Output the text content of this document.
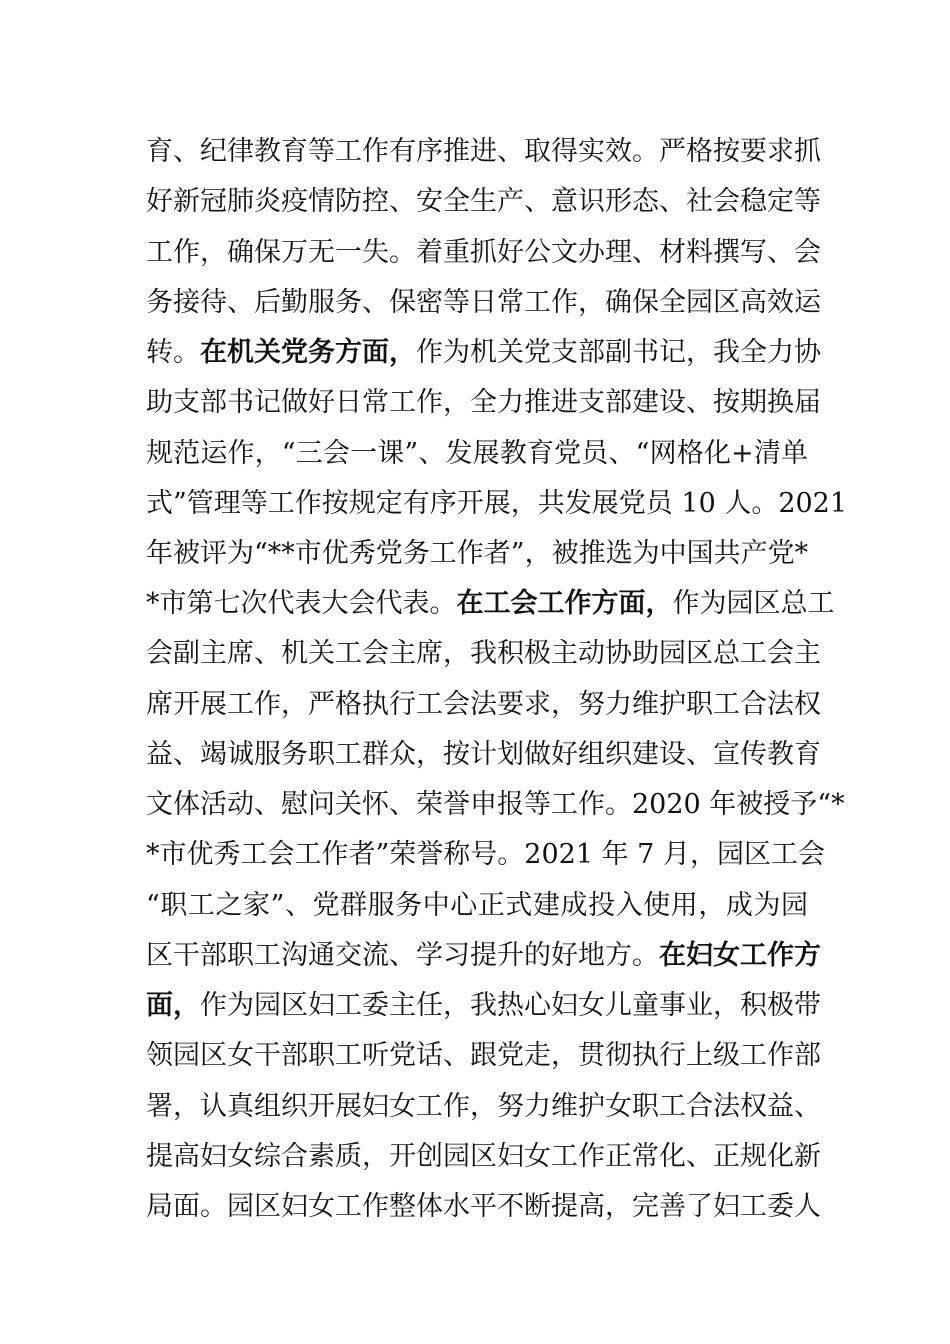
育、纪律教育等工作有序推进、取得实效。严格按要求抓
好新冠肺炎疫情防控、安全生产、意识形态、社会稳定等
工作，确保万无一失。着重抓好公文办理、材料撰写、会
务接待、后勤服务、保密等日常工作，确保全园区高效运
转。在机关党务方面，作为机关党支部副书记，我全力协
助支部书记做好日常工作，全力推进支部建设、按期换届
规范运作，“三会一课”、发展教育党员、“网格化+清单
式”管理等工作按规定有序开展，共发展党员 10 人。2021
年被评为“**市优秀党务工作者”，被推选为中国共产党*
*市第七次代表大会代表。在工会工作方面，作为园区总工
会副主席、机关工会主席，我积极主动协助园区总工会主
席开展工作，严格执行工会法要求，努力维护职工合法权
益、竭诚服务职工群众，按计划做好组织建设、宣传教育
文体活动、慰问关怀、荣誉申报等工作。2020 年被授予“*
*市优秀工会工作者”荣誉称号。2021 年 7 月，园区工会
“职工之家”、党群服务中心正式建成投入使用，成为园
区干部职工沟通交流、学习提升的好地方。在妇女工作方
面，作为园区妇工委主任，我热心妇女儿童事业，积极带
领园区女干部职工听党话、跟党走，贯彻执行上级工作部
署，认真组织开展妇女工作，努力维护女职工合法权益、
提高妇女综合素质，开创园区妇女工作正常化、正规化新
局面。园区妇女工作整体水平不断提高，完善了妇工委人
